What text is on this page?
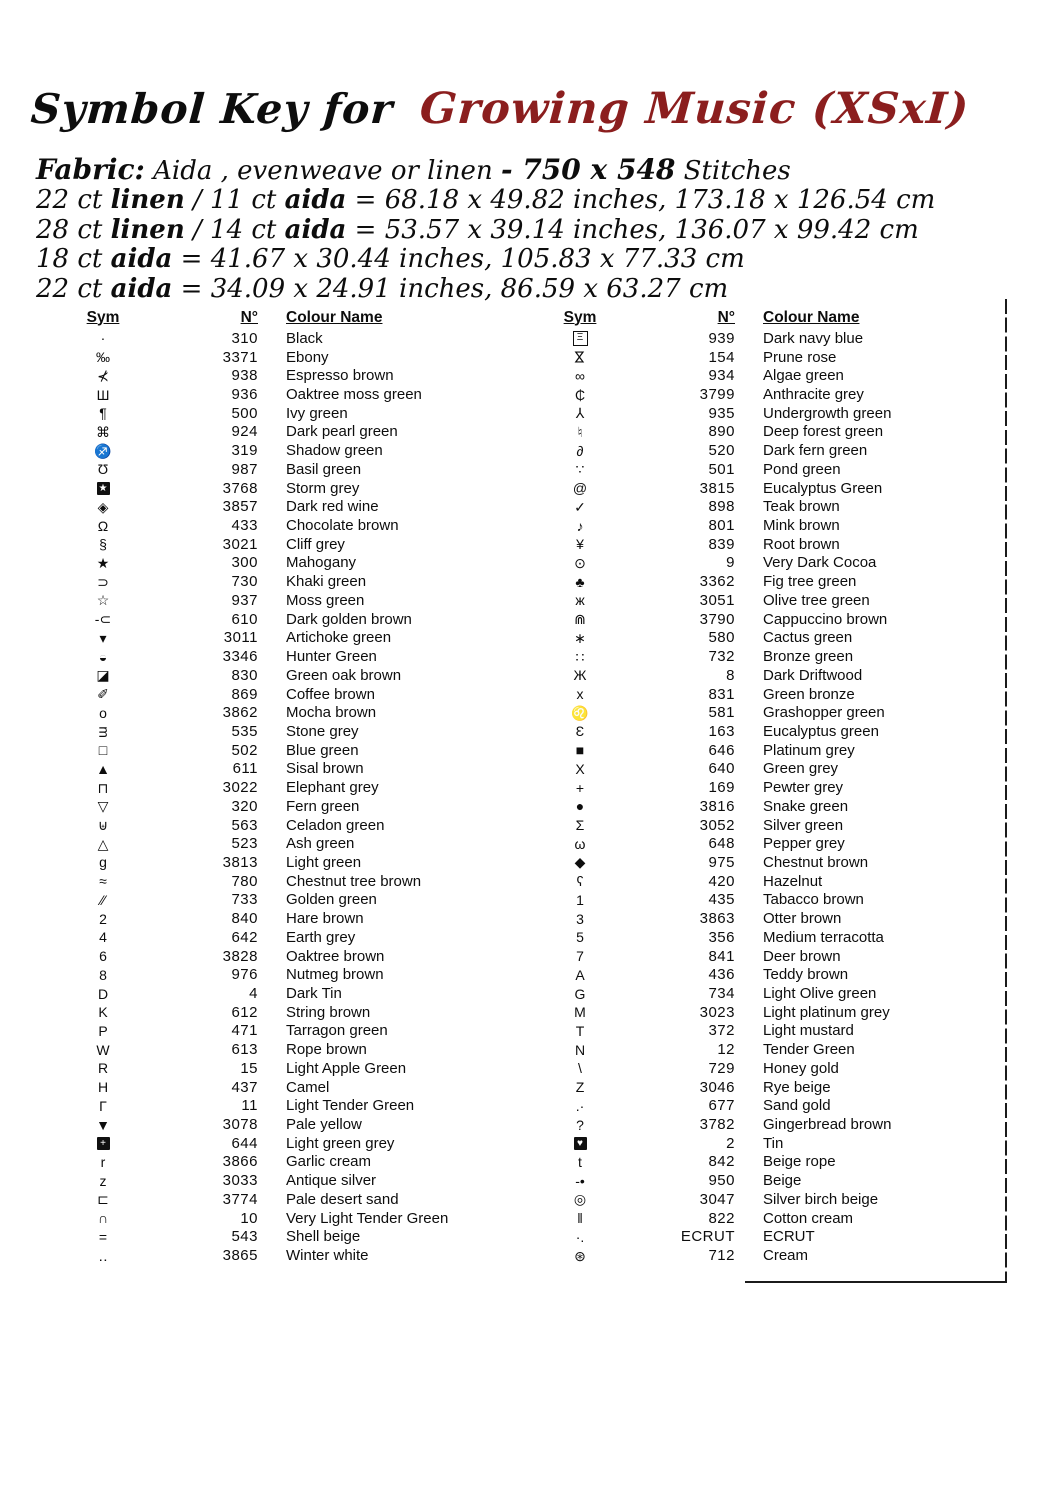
Symbol Key for Growing Music (XSxI)
Fabric: Aida , evenweave or linen - 750 x 548 Stitches
22 ct linen / 11 ct aida = 68.18 x 49.82 inches, 173.18 x 126.54 cm
28 ct linen / 14 ct aida = 53.57 x 39.14 inches, 136.07 x 99.42 cm
18 ct aida = 41.67 x 30.44 inches, 105.83 x 77.33 cm
22 ct aida = 34.09 x 24.91 inches, 86.59 x 63.27 cm
Sym	N°	Colour Name
·	310	Black
‰	3371	Ebony
⊀	938	Espresso brown
Ш	936	Oaktree moss green
¶	500	Ivy green
⌘	924	Dark pearl green
♐	319	Shadow green
Ʊ	987	Basil green
★	3768	Storm grey
◈	3857	Dark red wine
Ω	433	Chocolate brown
§	3021	Cliff grey
★	300	Mahogany
⊃	730	Khaki green
☆	937	Moss green
-⊂	610	Dark golden brown
▾	3011	Artichoke green
◒	3346	Hunter Green
◪	830	Green oak brown
✐	869	Coffee brown
o	3862	Mocha brown
ᴟ	535	Stone grey
□	502	Blue green
▲	611	Sisal brown
⊓	3022	Elephant grey
▽	320	Fern green
⊎	563	Celadon green
△	523	Ash green
g	3813	Light green
≈	780	Chestnut tree brown
⁄⁄	733	Golden green
2	840	Hare brown
4	642	Earth grey
6	3828	Oaktree brown
8	976	Nutmeg brown
D	4	Dark Tin
K	612	String brown
P	471	Tarragon green
W	613	Rope brown
R	15	Light Apple Green
H	437	Camel
Γ	11	Light Tender Green
▼	3078	Pale yellow
+	644	Light green grey
r	3866	Garlic cream
z	3033	Antique silver
⊏	3774	Pale desert sand
∩	10	Very Light Tender Green
=	543	Shell beige
‥	3865	Winter white
Sym	N°	Colour Name
Ξ	939	Dark navy blue
⋈	154	Prune rose
∞	934	Algae green
₵	3799	Anthracite grey
⅄	935	Undergrowth green
♮	890	Deep forest green
∂	520	Dark fern green
∵	501	Pond green
@	3815	Eucalyptus Green
✓	898	Teak brown
♪	801	Mink brown
¥	839	Root brown
⊙	9	Very Dark Cocoa
♣	3362	Fig tree green
ж	3051	Olive tree green
⋒	3790	Cappuccino brown
∗	580	Cactus green
∷	732	Bronze green
Ж	8	Dark Driftwood
x	831	Green bronze
♌	581	Grashopper green
Ɛ	163	Eucalyptus green
■	646	Platinum grey
Χ	640	Green grey
+	169	Pewter grey
●	3816	Snake green
Σ	3052	Silver green
ω	648	Pepper grey
◆	975	Chestnut brown
ʕ	420	Hazelnut
1	435	Tabacco brown
3	3863	Otter brown
5	356	Medium terracotta
7	841	Deer brown
A	436	Teddy brown
G	734	Light Olive green
M	3023	Light platinum grey
T	372	Light mustard
N	12	Tender Green
\	729	Honey gold
Z	3046	Rye beige
.·	677	Sand gold
?	3782	Gingerbread brown
♥	2	Tin
t	842	Beige rope
-•	950	Beige
◎	3047	Silver birch beige
‖	822	Cotton cream
·.	ECRUT	ECRUT
⊛	712	Cream
